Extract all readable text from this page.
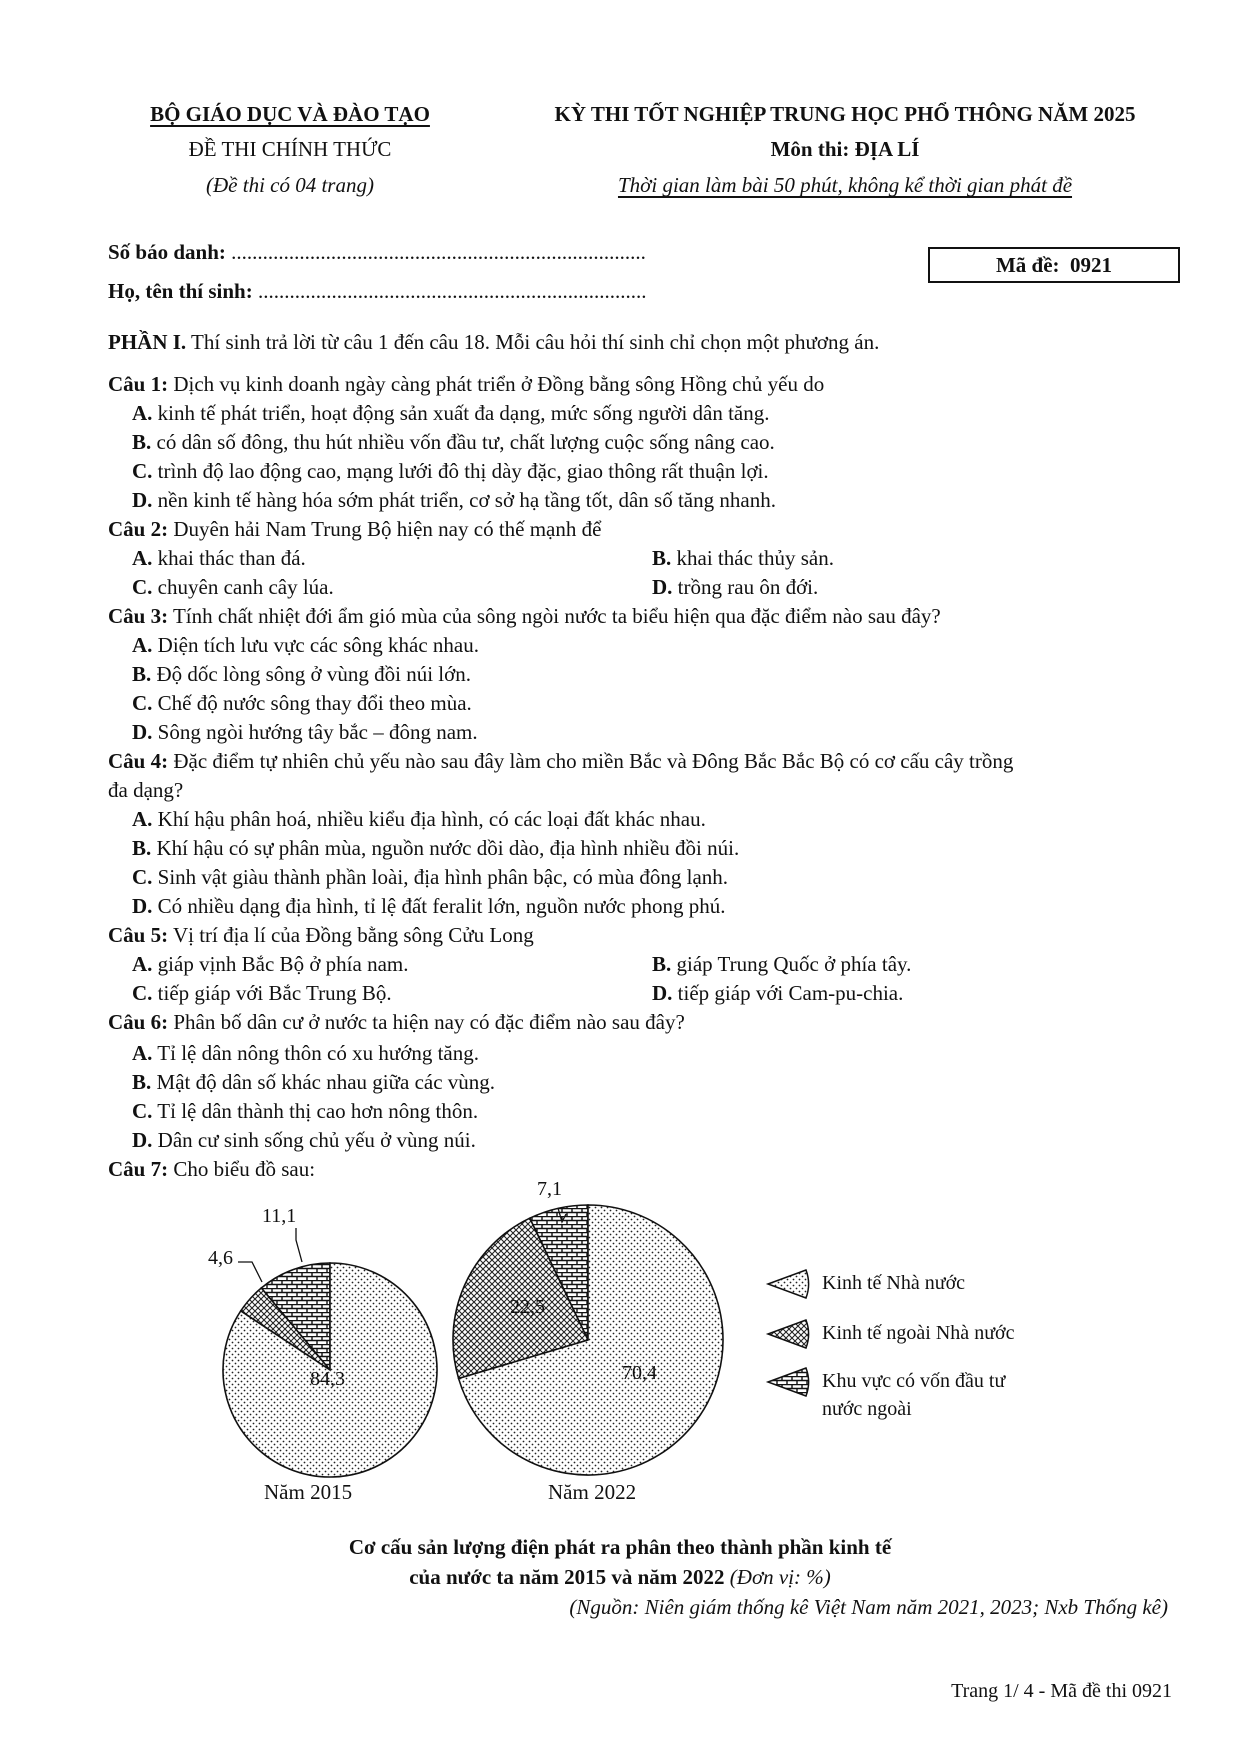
BỘ GIÁO DỤC VÀ ĐÀO TẠO
ĐỀ THI CHÍNH THỨC
(Đề thi có 04 trang)
KỲ THI TỐT NGHIỆP TRUNG HỌC PHỔ THÔNG NĂM 2025
Môn thi: ĐỊA LÍ
Thời gian làm bài 50 phút, không kể thời gian phát đề
Số báo danh: ...............................................................................
Họ, tên thí sinh: ..........................................................................
Mã đề:
0921
PHẦN I. Thí sinh trả lời từ câu 1 đến câu 18. Mỗi câu hỏi thí sinh chỉ chọn một phương án.
Câu 1: Dịch vụ kinh doanh ngày càng phát triển ở Đồng bằng sông Hồng chủ yếu do
A. kinh tế phát triển, hoạt động sản xuất đa dạng, mức sống người dân tăng.
B. có dân số đông, thu hút nhiều vốn đầu tư, chất lượng cuộc sống nâng cao.
C. trình độ lao động cao, mạng lưới đô thị dày đặc, giao thông rất thuận lợi.
D. nền kinh tế hàng hóa sớm phát triển, cơ sở hạ tầng tốt, dân số tăng nhanh.
Câu 2: Duyên hải Nam Trung Bộ hiện nay có thế mạnh để
A. khai thác than đá.	B. khai thác thủy sản.
C. chuyên canh cây lúa.	D. trồng rau ôn đới.
Câu 3: Tính chất nhiệt đới ẩm gió mùa của sông ngòi nước ta biểu hiện qua đặc điểm nào sau đây?
A. Diện tích lưu vực các sông khác nhau.
B. Độ dốc lòng sông ở vùng đồi núi lớn.
C. Chế độ nước sông thay đổi theo mùa.
D. Sông ngòi hướng tây bắc – đông nam.
Câu 4: Đặc điểm tự nhiên chủ yếu nào sau đây làm cho miền Bắc và Đông Bắc Bắc Bộ có cơ cấu cây trồng
đa dạng?
A. Khí hậu phân hoá, nhiều kiểu địa hình, có các loại đất khác nhau.
B. Khí hậu có sự phân mùa, nguồn nước dồi dào, địa hình nhiều đồi núi.
C. Sinh vật giàu thành phần loài, địa hình phân bậc, có mùa đông lạnh.
D. Có nhiều dạng địa hình, tỉ lệ đất feralit lớn, nguồn nước phong phú.
Câu 5: Vị trí địa lí của Đồng bằng sông Cửu Long
A. giáp vịnh Bắc Bộ ở phía nam.	B. giáp Trung Quốc ở phía tây.
C. tiếp giáp với Bắc Trung Bộ.	D. tiếp giáp với Cam-pu-chia.
Câu 6: Phân bố dân cư ở nước ta hiện nay có đặc điểm nào sau đây?
A. Tỉ lệ dân nông thôn có xu hướng tăng.
B. Mật độ dân số khác nhau giữa các vùng.
C. Tỉ lệ dân thành thị cao hơn nông thôn.
D. Dân cư sinh sống chủ yếu ở vùng núi.
Câu 7: Cho biểu đồ sau:
11,1
4,6
84,3
7,1
22,5
70,4
Năm 2015	Năm 2022
Kinh tế Nhà nước
Kinh tế ngoài Nhà nước
Khu vực có vốn đầu tư
nước ngoài
Cơ cấu sản lượng điện phát ra phân theo thành phần kinh tế
của nước ta năm 2015 và năm 2022 (Đơn vị: %)
(Nguồn: Niên giám thống kê Việt Nam năm 2021, 2023; Nxb Thống kê)
Trang 1/ 4 - Mã đề thi 0921
